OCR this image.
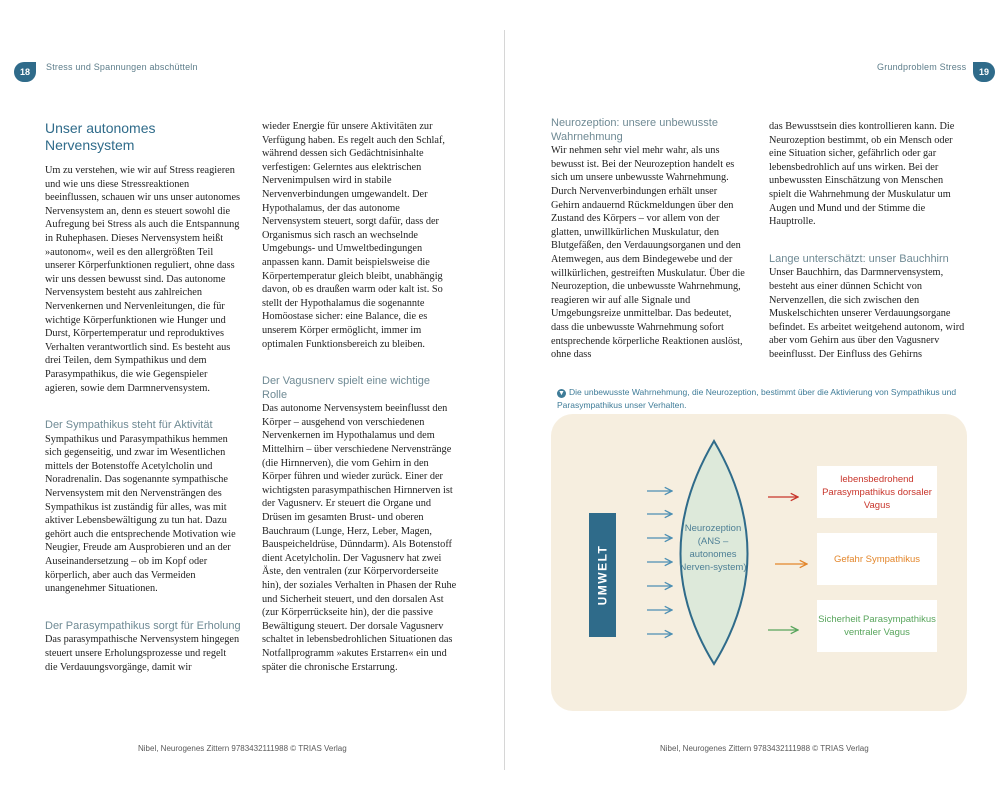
18	Stress und Spannungen abschütteln
Unser autonomes Nervensystem

Um zu verstehen, wie wir auf Stress reagieren und wie uns diese Stressreaktionen beeinflussen, schauen wir uns unser autonomes Nervensystem an, denn es steuert sowohl die Aufregung bei Stress als auch die Entspannung in Ruhephasen. Dieses Nervensystem heißt »autonom«, weil es den allergrößten Teil unserer Körperfunktionen reguliert, ohne dass wir uns dessen bewusst sind. Das autonome Nervensystem besteht aus zahlreichen Nervenkernen und Nervenleitungen, die für wichtige Körperfunktionen wie Hunger und Durst, Körpertemperatur und reproduktives Verhalten verantwortlich sind. Es besteht aus drei Teilen, dem Sympathikus und dem Parasympathikus, die wie Gegenspieler agieren, sowie dem Darmnervensystem.

Der Sympathikus steht für Aktivität

Sympathikus und Parasympathikus hemmen sich gegenseitig, und zwar im Wesentlichen mittels der Botenstoffe Acetylcholin und Noradrenalin. Das sogenannte sympathische Nervensystem mit den Nervensträngen des Sympathikus ist zuständig für alles, was mit aktiver Lebensbewältigung zu tun hat. Dazu gehört auch die entsprechende Motivation wie Neugier, Freude am Ausprobieren und an der Auseinandersetzung – ob im Kopf oder körperlich, aber auch das Vermeiden unangenehmer Situationen.

Der Parasympathikus sorgt für Erholung

Das parasympathische Nervensystem hingegen steuert unsere Erholungsprozesse und regelt die Verdauungsvorgänge, damit wir

wieder Energie für unsere Aktivitäten zur Verfügung haben. Es regelt auch den Schlaf, während dessen sich Gedächtnisinhalte verfestigen: Gelerntes aus elektrischen Nervenimpulsen wird in stabile Nervenverbindungen umgewandelt. Der Hypothalamus, der das autonome Nervensystem steuert, sorgt dafür, dass der Organismus sich rasch an wechselnde Umgebungs- und Umweltbedingungen anpassen kann. Damit beispielsweise die Körpertemperatur gleich bleibt, unabhängig davon, ob es draußen warm oder kalt ist. So stellt der Hypothalamus die sogenannte Homöostase sicher: eine Balance, die es unserem Körper ermöglicht, immer im optimalen Funktionsbereich zu bleiben.

Der Vagusnerv spielt eine wichtige Rolle

Das autonome Nervensystem beeinflusst den Körper – ausgehend von verschiedenen Nervenkernen im Hypothalamus und dem Mittelhirn – über verschiedene Nervenstränge (die Hirnnerven), die vom Gehirn in den Körper führen und wieder zurück. Einer der wichtigsten parasympathischen Hirnnerven ist der Vagusnerv. Er steuert die Organe und Drüsen im gesamten Brust- und oberen Bauchraum (Lunge, Herz, Leber, Magen, Bauspeicheldrüse, Dünndarm). Als Botenstoff dient Acetylcholin. Der Vagusnerv hat zwei Äste, den ventralen (zur Körpervorderseite hin), der soziales Verhalten in Phasen der Ruhe und Sicherheit steuert, und den dorsalen Ast (zur Körperrückseite hin), der die passive Bewältigung steuert. Der dorsale Vagusnerv schaltet in lebensbedrohlichen Situationen das Notfallprogramm »akutes Erstarren« ein und später die chronische Erstarrung.

Nibel, Neurogenes Zittern 9783432111988 © TRIAS Verlag
19
Grundproblem Stress
Neurozeption: unsere unbewusste Wahrnehmung

Wir nehmen sehr viel mehr wahr, als uns bewusst ist. Bei der Neurozeption handelt es sich um unsere unbewusste Wahrnehmung. Durch Nervenverbindungen erhält unser Gehirn andauernd Rückmeldungen über den Zustand des Körpers – vor allem von der glatten, unwillkürlichen Muskulatur, den Blutgefäßen, den Verdauungsorganen und den Atemwegen, aus dem Bindegewebe und der willkürlichen, gestreiften Muskulatur. Über die Neurozeption, die unbewusste Wahrnehmung, reagieren wir auf alle Signale und Umgebungsreize unmittelbar. Das bedeutet, dass die unbewusste Wahrnehmung sofort entsprechende körperliche Reaktionen auslöst, ohne dass

das Bewusstsein dies kontrollieren kann. Die Neurozeption bestimmt, ob ein Mensch oder eine Situation sicher, gefährlich oder gar lebensbedrohlich auf uns wirken. Bei der unbewussten Einschätzung von Menschen spielt die Wahrnehmung der Muskulatur um Augen und Mund und der Stimme die Hauptrolle.

Lange unterschätzt: unser Bauchhirn

Unser Bauchhirn, das Darmnervensystem, besteht aus einer dünnen Schicht von Nervenzellen, die sich zwischen den Muskelschichten unserer Verdauungsorgane befindet. Es arbeitet weitgehend autonom, wird aber vom Gehirn aus über den Vagusnerv beeinflusst. Der Einfluss des Gehirns

Nibel, Neurogenes Zittern 9783432111988 © TRIAS Verlag
▼ Die unbewusste Wahrnehmung, die Neurozeption, bestimmt über die Aktivierung von Sympathikus und Parasympathikus unser Verhalten.
UMWELT
Neurozeption (ANS – autonomes Nerven-system)
lebensbedrohend Parasympathikus dorsaler Vagus
Gefahr Sympathikus
Sicherheit Parasympathikus ventraler Vagus
